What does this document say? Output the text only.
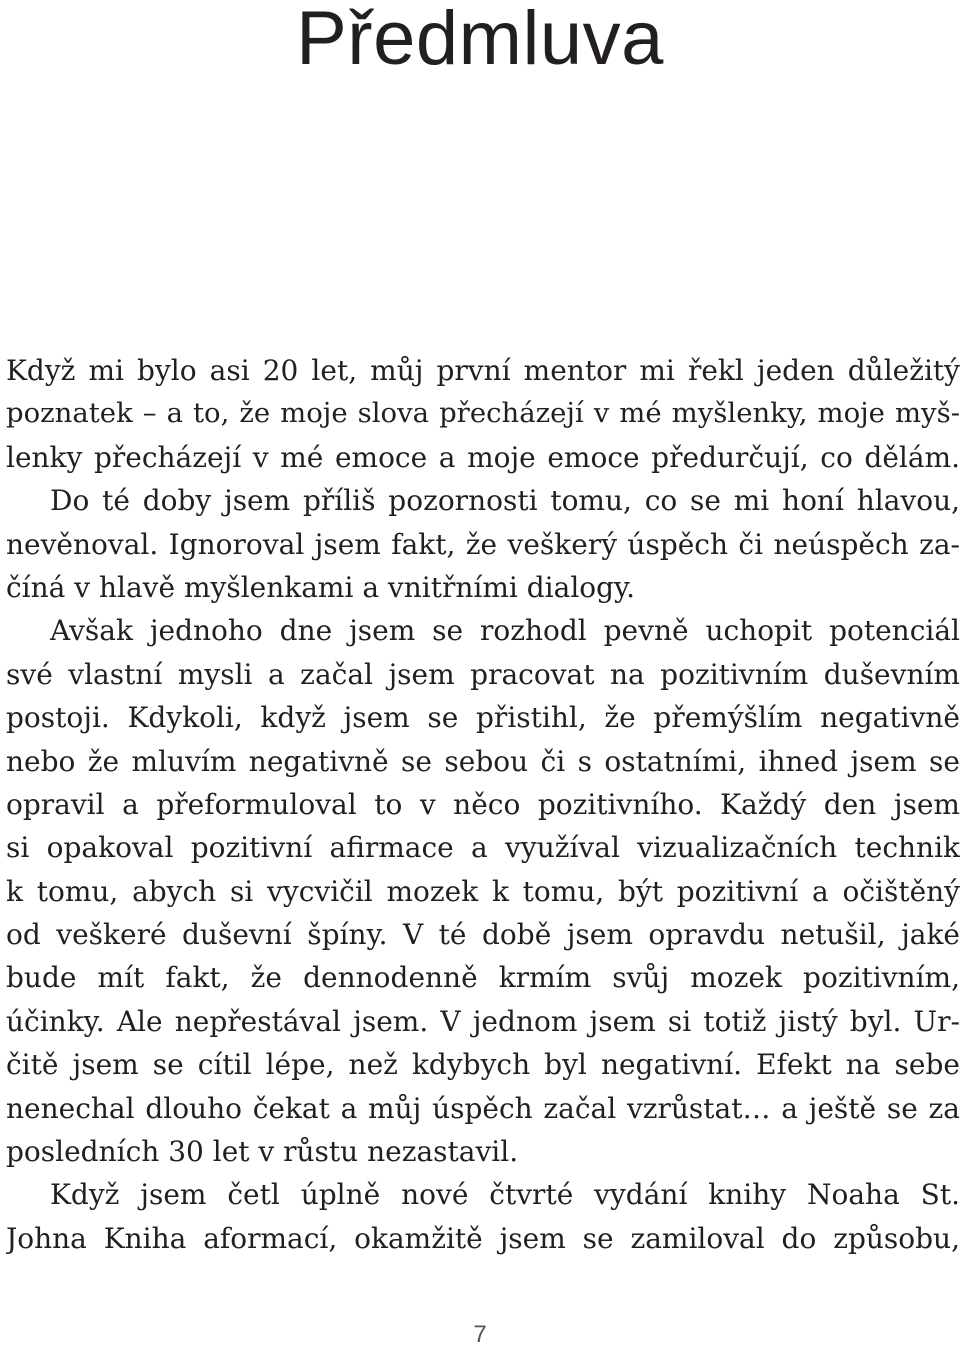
Předmluva
Když mi bylo asi 20 let, můj první mentor mi řekl jeden důležitý
poznatek – a to, že moje slova přecházejí v mé myšlenky, moje myš-
lenky přecházejí v mé emoce a moje emoce předurčují, co dělám.
Do té doby jsem příliš pozornosti tomu, co se mi honí hlavou,
nevěnoval. Ignoroval jsem fakt, že veškerý úspěch či neúspěch za-
číná v hlavě myšlenkami a vnitřními dialogy.
Avšak jednoho dne jsem se rozhodl pevně uchopit potenciál
své vlastní mysli a začal jsem pracovat na pozitivním duševním
postoji. Kdykoli, když jsem se přistihl, že přemýšlím negativně
nebo že mluvím negativně se sebou či s ostatními, ihned jsem se
opravil a přeformuloval to v něco pozitivního. Každý den jsem
si opakoval pozitivní afirmace a využíval vizualizačních technik
k tomu, abych si vycvičil mozek k tomu, být pozitivní a očištěný
od veškeré duševní špíny. V té době jsem opravdu netušil, jaké
bude mít fakt, že dennodenně krmím svůj mozek pozitivním,
účinky. Ale nepřestával jsem. V jednom jsem si totiž jistý byl. Ur-
čitě jsem se cítil lépe, než kdybych byl negativní. Efekt na sebe
nenechal dlouho čekat a můj úspěch začal vzrůstat… a ještě se za
posledních 30 let v růstu nezastavil.
Když jsem četl úplně nové čtvrté vydání knihy Noaha St.
Johna Kniha aformací, okamžitě jsem se zamiloval do způsobu,
7
